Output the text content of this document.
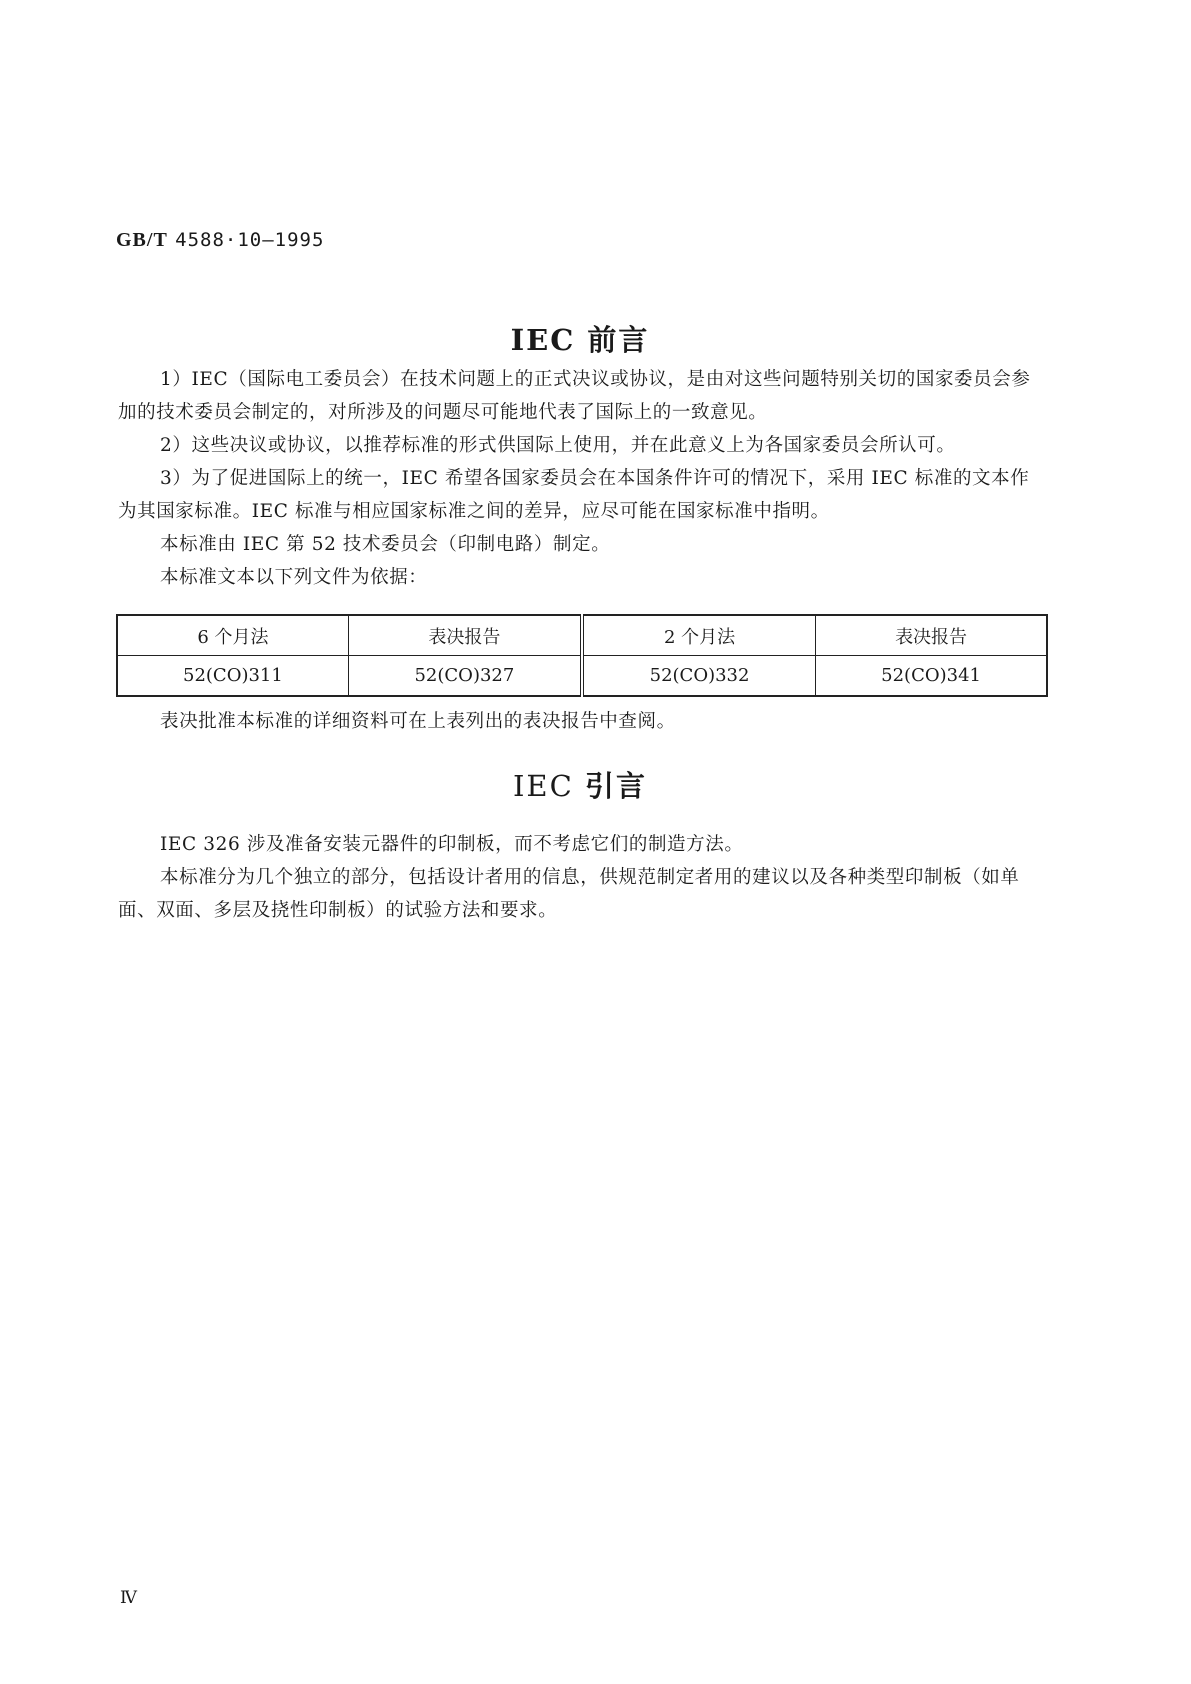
GB/T 4588·10—1995
IEC 前言
1）IEC（国际电工委员会）在技术问题上的正式决议或协议，是由对这些问题特别关切的国家委员会参加的技术委员会制定的，对所涉及的问题尽可能地代表了国际上的一致意见。
2）这些决议或协议，以推荐标准的形式供国际上使用，并在此意义上为各国家委员会所认可。
3）为了促进国际上的统一，IEC 希望各国家委员会在本国条件许可的情况下，采用 IEC 标准的文本作为其国家标准。IEC 标准与相应国家标准之间的差异，应尽可能在国家标准中指明。
本标准由 IEC 第 52 技术委员会（印制电路）制定。
本标准文本以下列文件为依据：
6 个月法	表决报告	2 个月法	表决报告
52(CO)311	52(CO)327	52(CO)332	52(CO)341
表决批准本标准的详细资料可在上表列出的表决报告中查阅。
IEC 引言
IEC 326 涉及准备安装元器件的印制板，而不考虑它们的制造方法。
本标准分为几个独立的部分，包括设计者用的信息，供规范制定者用的建议以及各种类型印制板（如单面、双面、多层及挠性印制板）的试验方法和要求。
Ⅳ
